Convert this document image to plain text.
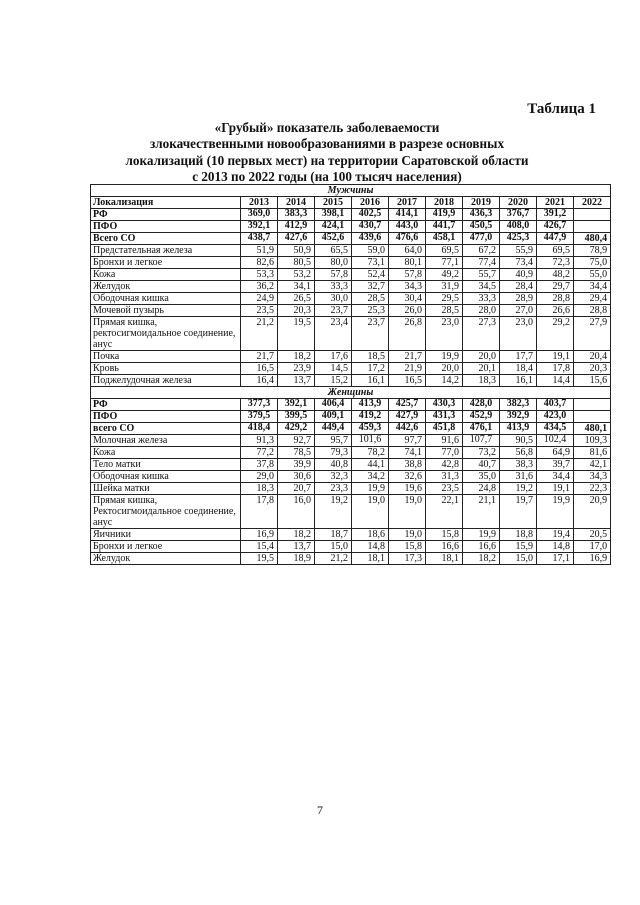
Таблица 1
«Грубый» показатель заболеваемости
злокачественными новообразованиями в разрезе основных
локализаций (10 первых мест) на территории Саратовской области
с 2013 по 2022 годы (на 100 тысяч населения)
Мужчины										
Локализация	2013	2014	2015	2016	2017	2018	2019	2020	2021	2022
РФ	369,0	383,3	398,1	402,5	414,1	419,9	436,3	376,7	391,2	
ПФО	392,1	412,9	424,1	430,7	443,0	441,7	450,5	408,0	426,7	
Всего СО	438,7	427,6	452,6	439,6	476,6	458,1	477,0	425,3	447,9	480,4
Предстательная железа	51,9	50,9	65,5	59,0	64,0	69,5	67,2	55,9	69,5	78,9
Бронхи и легкое	82,6	80,5	80,0	73,1	80,1	77,1	77,4	73,4	72,3	75,0
Кожа	53,3	53,2	57,8	52,4	57,8	49,2	55,7	40,9	48,2	55,0
Желудок	36,2	34,1	33,3	32,7	34,3	31,9	34,5	28,4	29,7	34,4
Ободочная кишка	24,9	26,5	30,0	28,5	30,4	29,5	33,3	28,9	28,8	29,4
Мочевой пузырь	23,5	20,3	23,7	25,3	26,0	28,5	28,0	27,0	26,6	28,8
Прямая кишка, ректосигмоидальное соединение, анус	21,2	19,5	23,4	23,7	26,8	23,0	27,3	23,0	29,2	27,9
Почка	21,7	18,2	17,6	18,5	21,7	19,9	20,0	17,7	19,1	20,4
Кровь	16,5	23,9	14,5	17,2	21,9	20,0	20,1	18,4	17,8	20,3
Поджелудочная железа	16,4	13,7	15,2	16,1	16,5	14,2	18,3	16,1	14,4	15,6
Женщины										
РФ	377,3	392,1	406,4	413,9	425,7	430,3	428,0	382,3	403,7	
ПФО	379,5	399,5	409,1	419,2	427,9	431,3	452,9	392,9	423,0	
всего СО	418,4	429,2	449,4	459,3	442,6	451,8	476,1	413,9	434,5	480,1
Молочная железа	91,3	92,7	95,7	101,6	97,7	91,6	107,7	90,5	102,4	109,3
Кожа	77,2	78,5	79,3	78,2	74,1	77,0	73,2	56,8	64,9	81,6
Тело матки	37,8	39,9	40,8	44,1	38,8	42,8	40,7	38,3	39,7	42,1
Ободочная кишка	29,0	30,6	32,3	34,2	32,6	31,3	35,0	31,6	34,4	34,3
Шейка матки	18,3	20,7	23,3	19,9	19,6	23,5	24,8	19,2	19,1	22,3
Прямая кишка, Ректосигмоидальное соединение, анус	17,8	16,0	19,2	19,0	19,0	22,1	21,1	19,7	19,9	20,9
Яичники	16,9	18,2	18,7	18,6	19,0	15,8	19,9	18,8	19,4	20,5
Бронхи и легкое	15,4	13,7	15,0	14,8	15,8	16,6	16,6	15,9	14,8	17,0
Желудок	19,5	18,9	21,2	18,1	17,3	18,1	18,2	15,0	17,1	16,9
7
